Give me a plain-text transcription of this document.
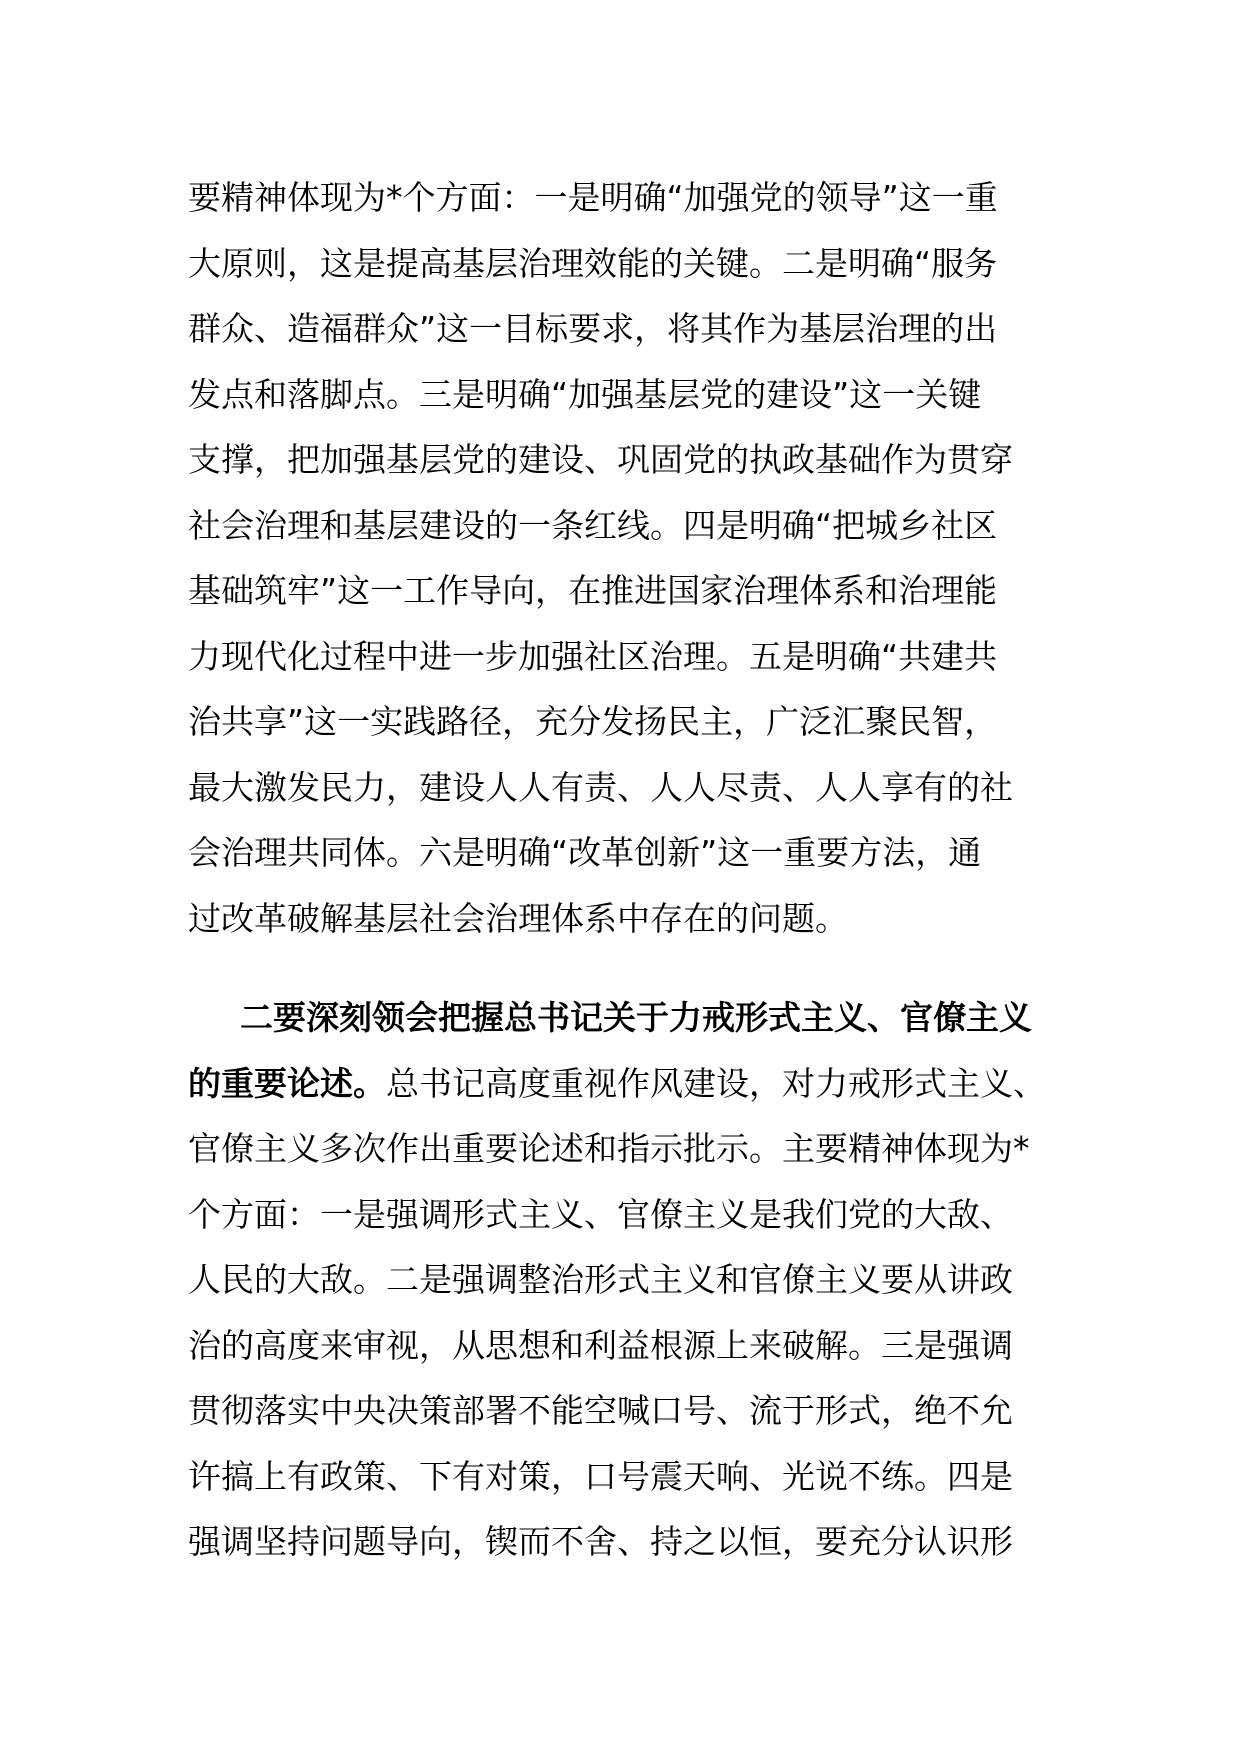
要精神体现为*个方面：一是明确“加强党的领导”这一重
大原则，这是提高基层治理效能的关键。二是明确“服务
群众、造福群众”这一目标要求，将其作为基层治理的出
发点和落脚点。三是明确“加强基层党的建设”这一关键
支撑，把加强基层党的建设、巩固党的执政基础作为贯穿
社会治理和基层建设的一条红线。四是明确“把城乡社区
基础筑牢”这一工作导向，在推进国家治理体系和治理能
力现代化过程中进一步加强社区治理。五是明确“共建共
治共享”这一实践路径，充分发扬民主，广泛汇聚民智，
最大激发民力，建设人人有责、人人尽责、人人享有的社
会治理共同体。六是明确“改革创新”这一重要方法，通
过改革破解基层社会治理体系中存在的问题。
二要深刻领会把握总书记关于力戒形式主义、官僚主义
的重要论述。总书记高度重视作风建设，对力戒形式主义、
官僚主义多次作出重要论述和指示批示。主要精神体现为*
个方面：一是强调形式主义、官僚主义是我们党的大敌、
人民的大敌。二是强调整治形式主义和官僚主义要从讲政
治的高度来审视，从思想和利益根源上来破解。三是强调
贯彻落实中央决策部署不能空喊口号、流于形式，绝不允
许搞上有政策、下有对策，口号震天响、光说不练。四是
强调坚持问题导向，锲而不舍、持之以恒，要充分认识形
